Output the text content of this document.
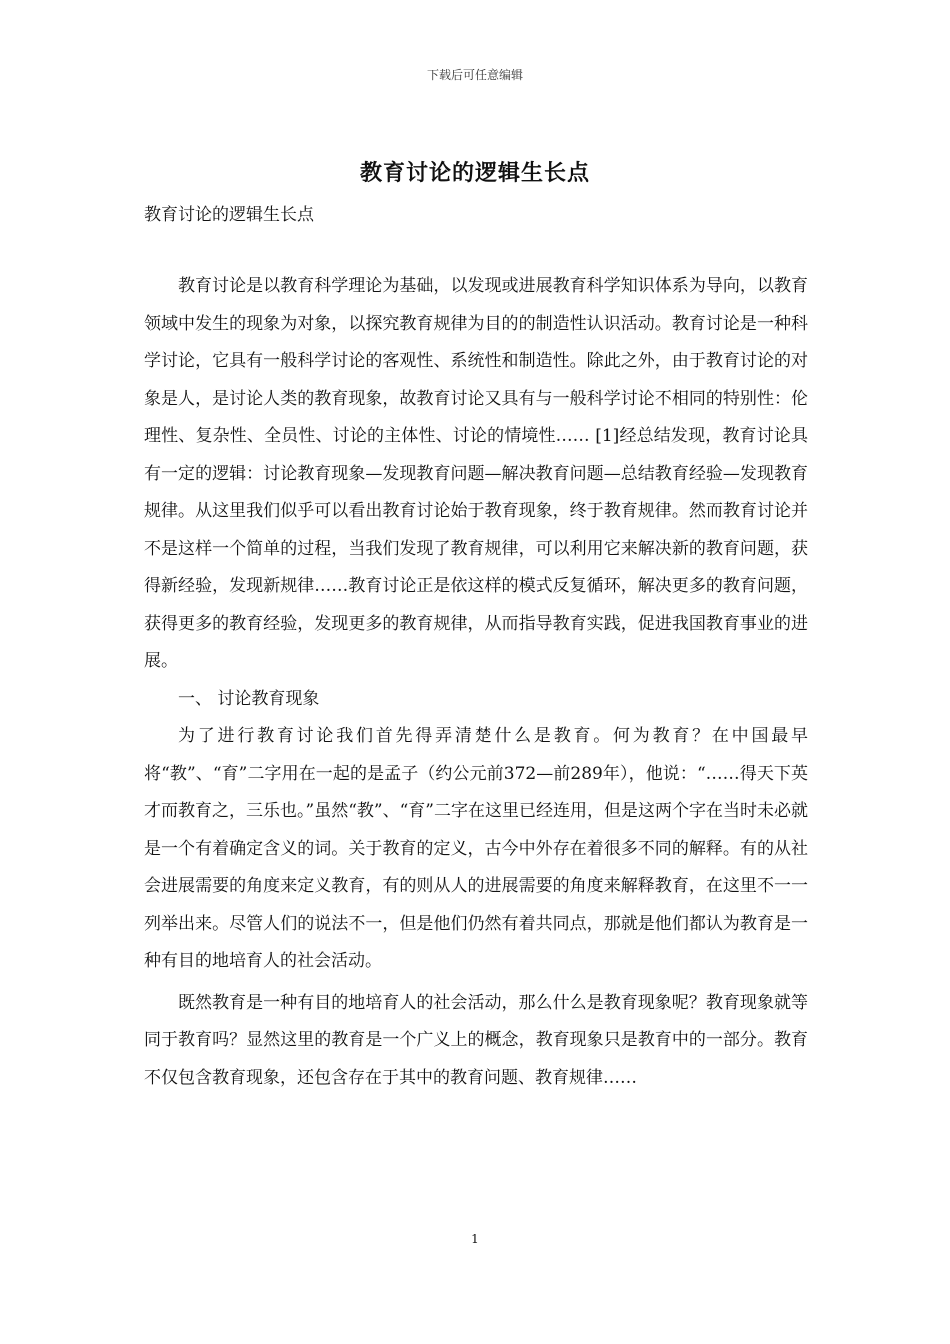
下载后可任意编辑
教育讨论的逻辑生长点
教育讨论的逻辑生长点

教育讨论是以教育科学理论为基础，以发现或进展教育科学知识体系为导向，以教育领域中发生的现象为对象，以探究教育规律为目的的制造性认识活动。教育讨论是一种科学讨论，它具有一般科学讨论的客观性、系统性和制造性。除此之外，由于教育讨论的对象是人，是讨论人类的教育现象，故教育讨论又具有与一般科学讨论不相同的特别性：伦理性、复杂性、全员性、讨论的主体性、讨论的情境性…… [1]经总结发现，教育讨论具有一定的逻辑：讨论教育现象—发现教育问题—解决教育问题—总结教育经验—发现教育规律。从这里我们似乎可以看出教育讨论始于教育现象，终于教育规律。然而教育讨论并不是这样一个简单的过程，当我们发现了教育规律，可以利用它来解决新的教育问题，获得新经验，发现新规律……教育讨论正是依这样的模式反复循环，解决更多的教育问题，获得更多的教育经验，发现更多的教育规律，从而指导教育实践，促进我国教育事业的进展。

一、 讨论教育现象

为了进行教育讨论我们首先得弄清楚什么是教育。何为教育？在中国最早将“教”、“育”二字用在一起的是孟子（约公元前372—前289年），他说：“……得天下英才而教育之，三乐也。”虽然“教”、“育”二字在这里已经连用，但是这两个字在当时未必就是一个有着确定含义的词。关于教育的定义，古今中外存在着很多不同的解释。有的从社会进展需要的角度来定义教育，有的则从人的进展需要的角度来解释教育，在这里不一一列举出来。尽管人们的说法不一，但是他们仍然有着共同点，那就是他们都认为教育是一种有目的地培育人的社会活动。

既然教育是一种有目的地培育人的社会活动，那么什么是教育现象呢？教育现象就等同于教育吗？显然这里的教育是一个广义上的概念，教育现象只是教育中的一部分。教育不仅包含教育现象，还包含存在于其中的教育问题、教育规律……

1
